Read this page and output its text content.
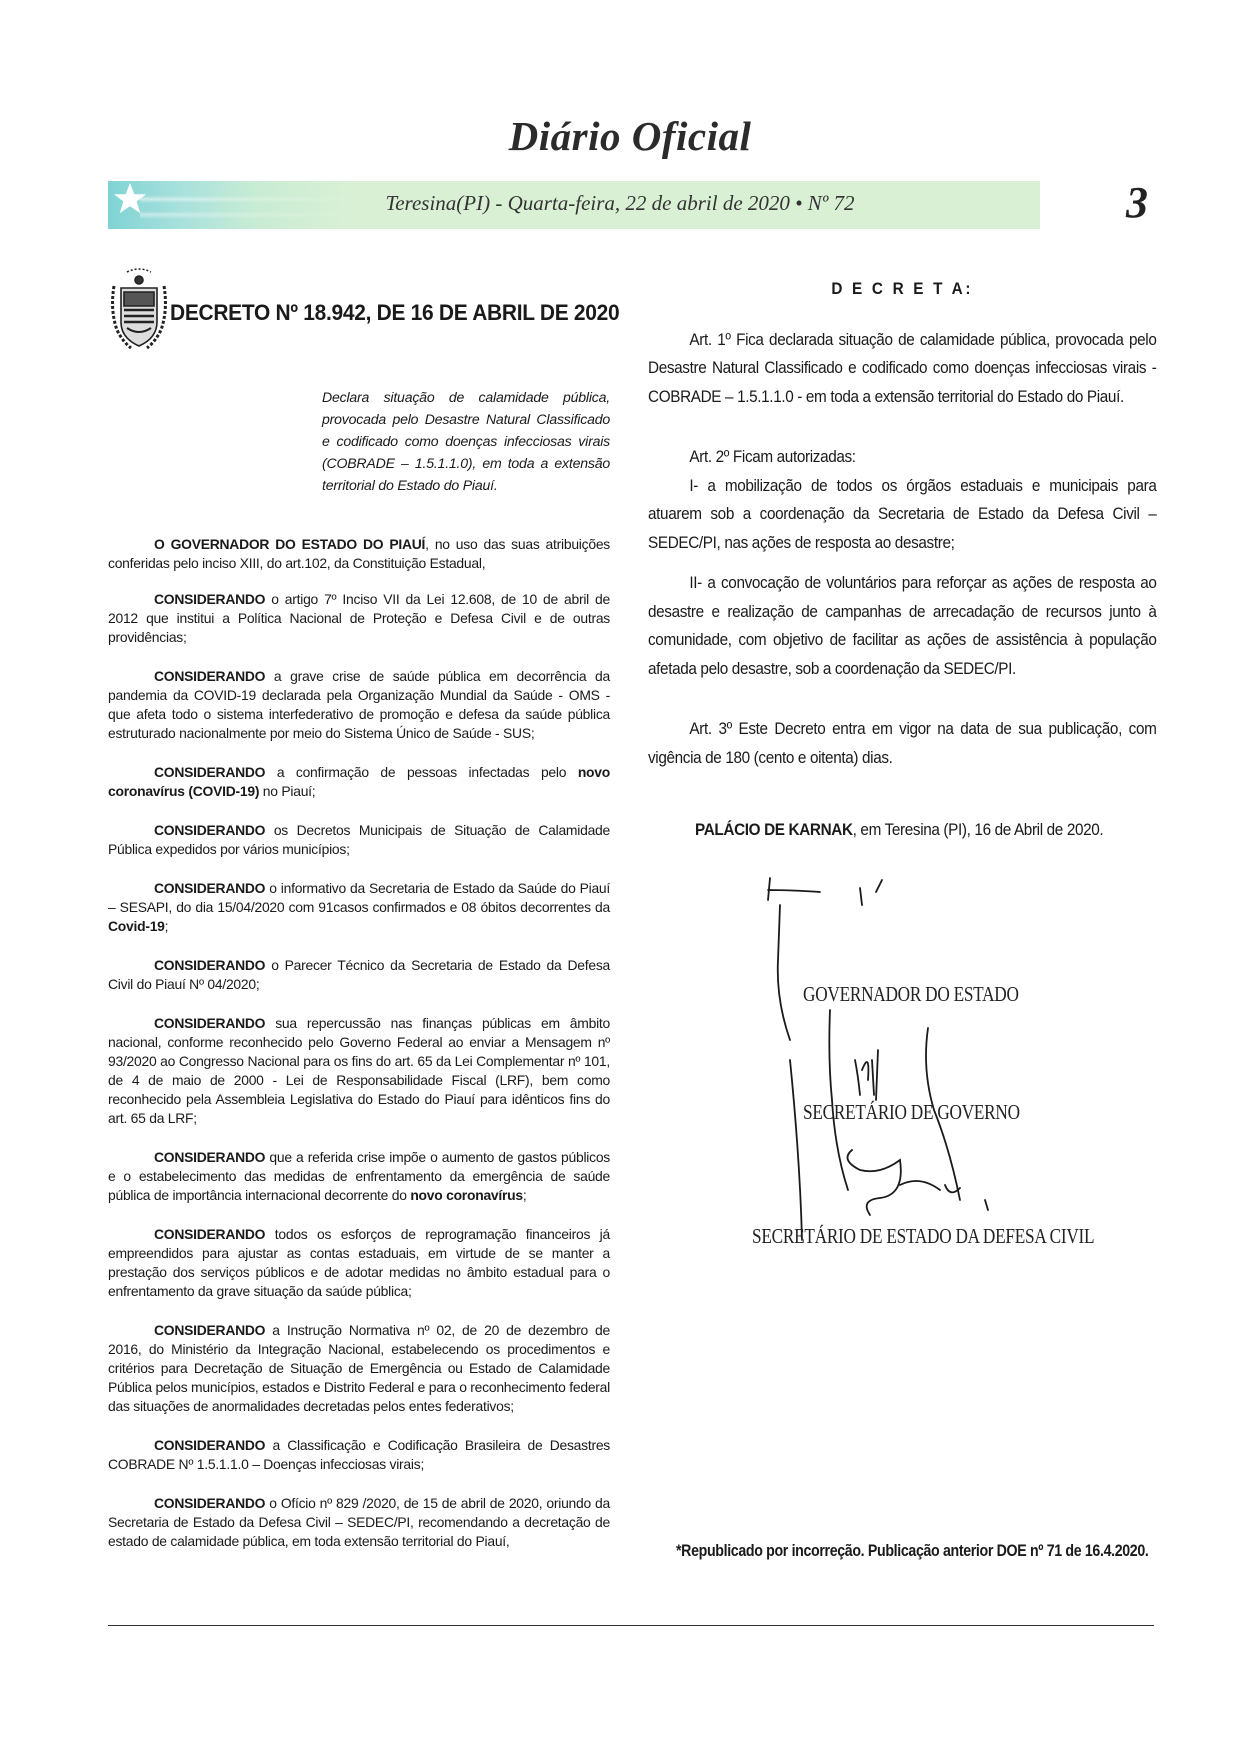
Diário Oficial
Teresina(PI) - Quarta-feira, 22 de abril de 2020 • Nº 72	3
DECRETO Nº 18.942, DE 16 DE ABRIL DE 2020
Declara situação de calamidade pública, provocada pelo Desastre Natural Classificado e codificado como doenças infecciosas virais (COBRADE – 1.5.1.1.0), em toda a extensão territorial do Estado do Piauí.

O GOVERNADOR DO ESTADO DO PIAUÍ, no uso das suas atribuições conferidas pelo inciso XIII, do art.102, da Constituição Estadual,

CONSIDERANDO o artigo 7º Inciso VII da Lei 12.608, de 10 de abril de 2012 que institui a Política Nacional de Proteção e Defesa Civil e de outras providências;

CONSIDERANDO a grave crise de saúde pública em decorrência da pandemia da COVID-19 declarada pela Organização Mundial da Saúde - OMS - que afeta todo o sistema interfederativo de promoção e defesa da saúde pública estruturado nacionalmente por meio do Sistema Único de Saúde - SUS;

CONSIDERANDO a confirmação de pessoas infectadas pelo novo coronavírus (COVID-19) no Piauí;

CONSIDERANDO os Decretos Municipais de Situação de Calamidade Pública expedidos por vários municípios;

CONSIDERANDO o informativo da Secretaria de Estado da Saúde do Piauí – SESAPI, do dia 15/04/2020 com 91casos confirmados e 08 óbitos decorrentes da Covid-19;

CONSIDERANDO o Parecer Técnico da Secretaria de Estado da Defesa Civil do Piauí Nº 04/2020;

CONSIDERANDO sua repercussão nas finanças públicas em âmbito nacional, conforme reconhecido pelo Governo Federal ao enviar a Mensagem nº 93/2020 ao Congresso Nacional para os fins do art. 65 da Lei Complementar nº 101, de 4 de maio de 2000 - Lei de Responsabilidade Fiscal (LRF), bem como reconhecido pela Assembleia Legislativa do Estado do Piauí para idênticos fins do art. 65 da LRF;

CONSIDERANDO que a referida crise impõe o aumento de gastos públicos e o estabelecimento das medidas de enfrentamento da emergência de saúde pública de importância internacional decorrente do novo coronavírus;

CONSIDERANDO todos os esforços de reprogramação financeiros já empreendidos para ajustar as contas estaduais, em virtude de se manter a prestação dos serviços públicos e de adotar medidas no âmbito estadual para o enfrentamento da grave situação da saúde pública;

CONSIDERANDO a Instrução Normativa nº 02, de 20 de dezembro de 2016, do Ministério da Integração Nacional, estabelecendo os procedimentos e critérios para Decretação de Situação de Emergência ou Estado de Calamidade Pública pelos municípios, estados e Distrito Federal e para o reconhecimento federal das situações de anormalidades decretadas pelos entes federativos;

CONSIDERANDO a Classificação e Codificação Brasileira de Desastres COBRADE Nº 1.5.1.1.0 – Doenças infecciosas virais;

CONSIDERANDO o Ofício nº 829 /2020, de 15 de abril de 2020, oriundo da Secretaria de Estado da Defesa Civil – SEDEC/PI, recomendando a decretação de estado de calamidade pública, em toda extensão territorial do Piauí,

D E C R E T A:

Art. 1º Fica declarada situação de calamidade pública, provocada pelo Desastre Natural Classificado e codificado como doenças infecciosas virais - COBRADE – 1.5.1.1.0 - em toda a extensão territorial do Estado do Piauí.

Art. 2º Ficam autorizadas:

I- a mobilização de todos os órgãos estaduais e municipais para atuarem sob a coordenação da Secretaria de Estado da Defesa Civil – SEDEC/PI, nas ações de resposta ao desastre;

II- a convocação de voluntários para reforçar as ações de resposta ao desastre e realização de campanhas de arrecadação de recursos junto à comunidade, com objetivo de facilitar as ações de assistência à população afetada pelo desastre, sob a coordenação da SEDEC/PI.

Art. 3º Este Decreto entra em vigor na data de sua publicação, com vigência de 180 (cento e oitenta) dias.

PALÁCIO DE KARNAK, em Teresina (PI), 16 de Abril de 2020.
GOVERNADOR DO ESTADO
SECRETÁRIO DE GOVERNO
SECRETÁRIO DE ESTADO DA DEFESA CIVIL
*Republicado por incorreção. Publicação anterior DOE nº 71 de 16.4.2020.
